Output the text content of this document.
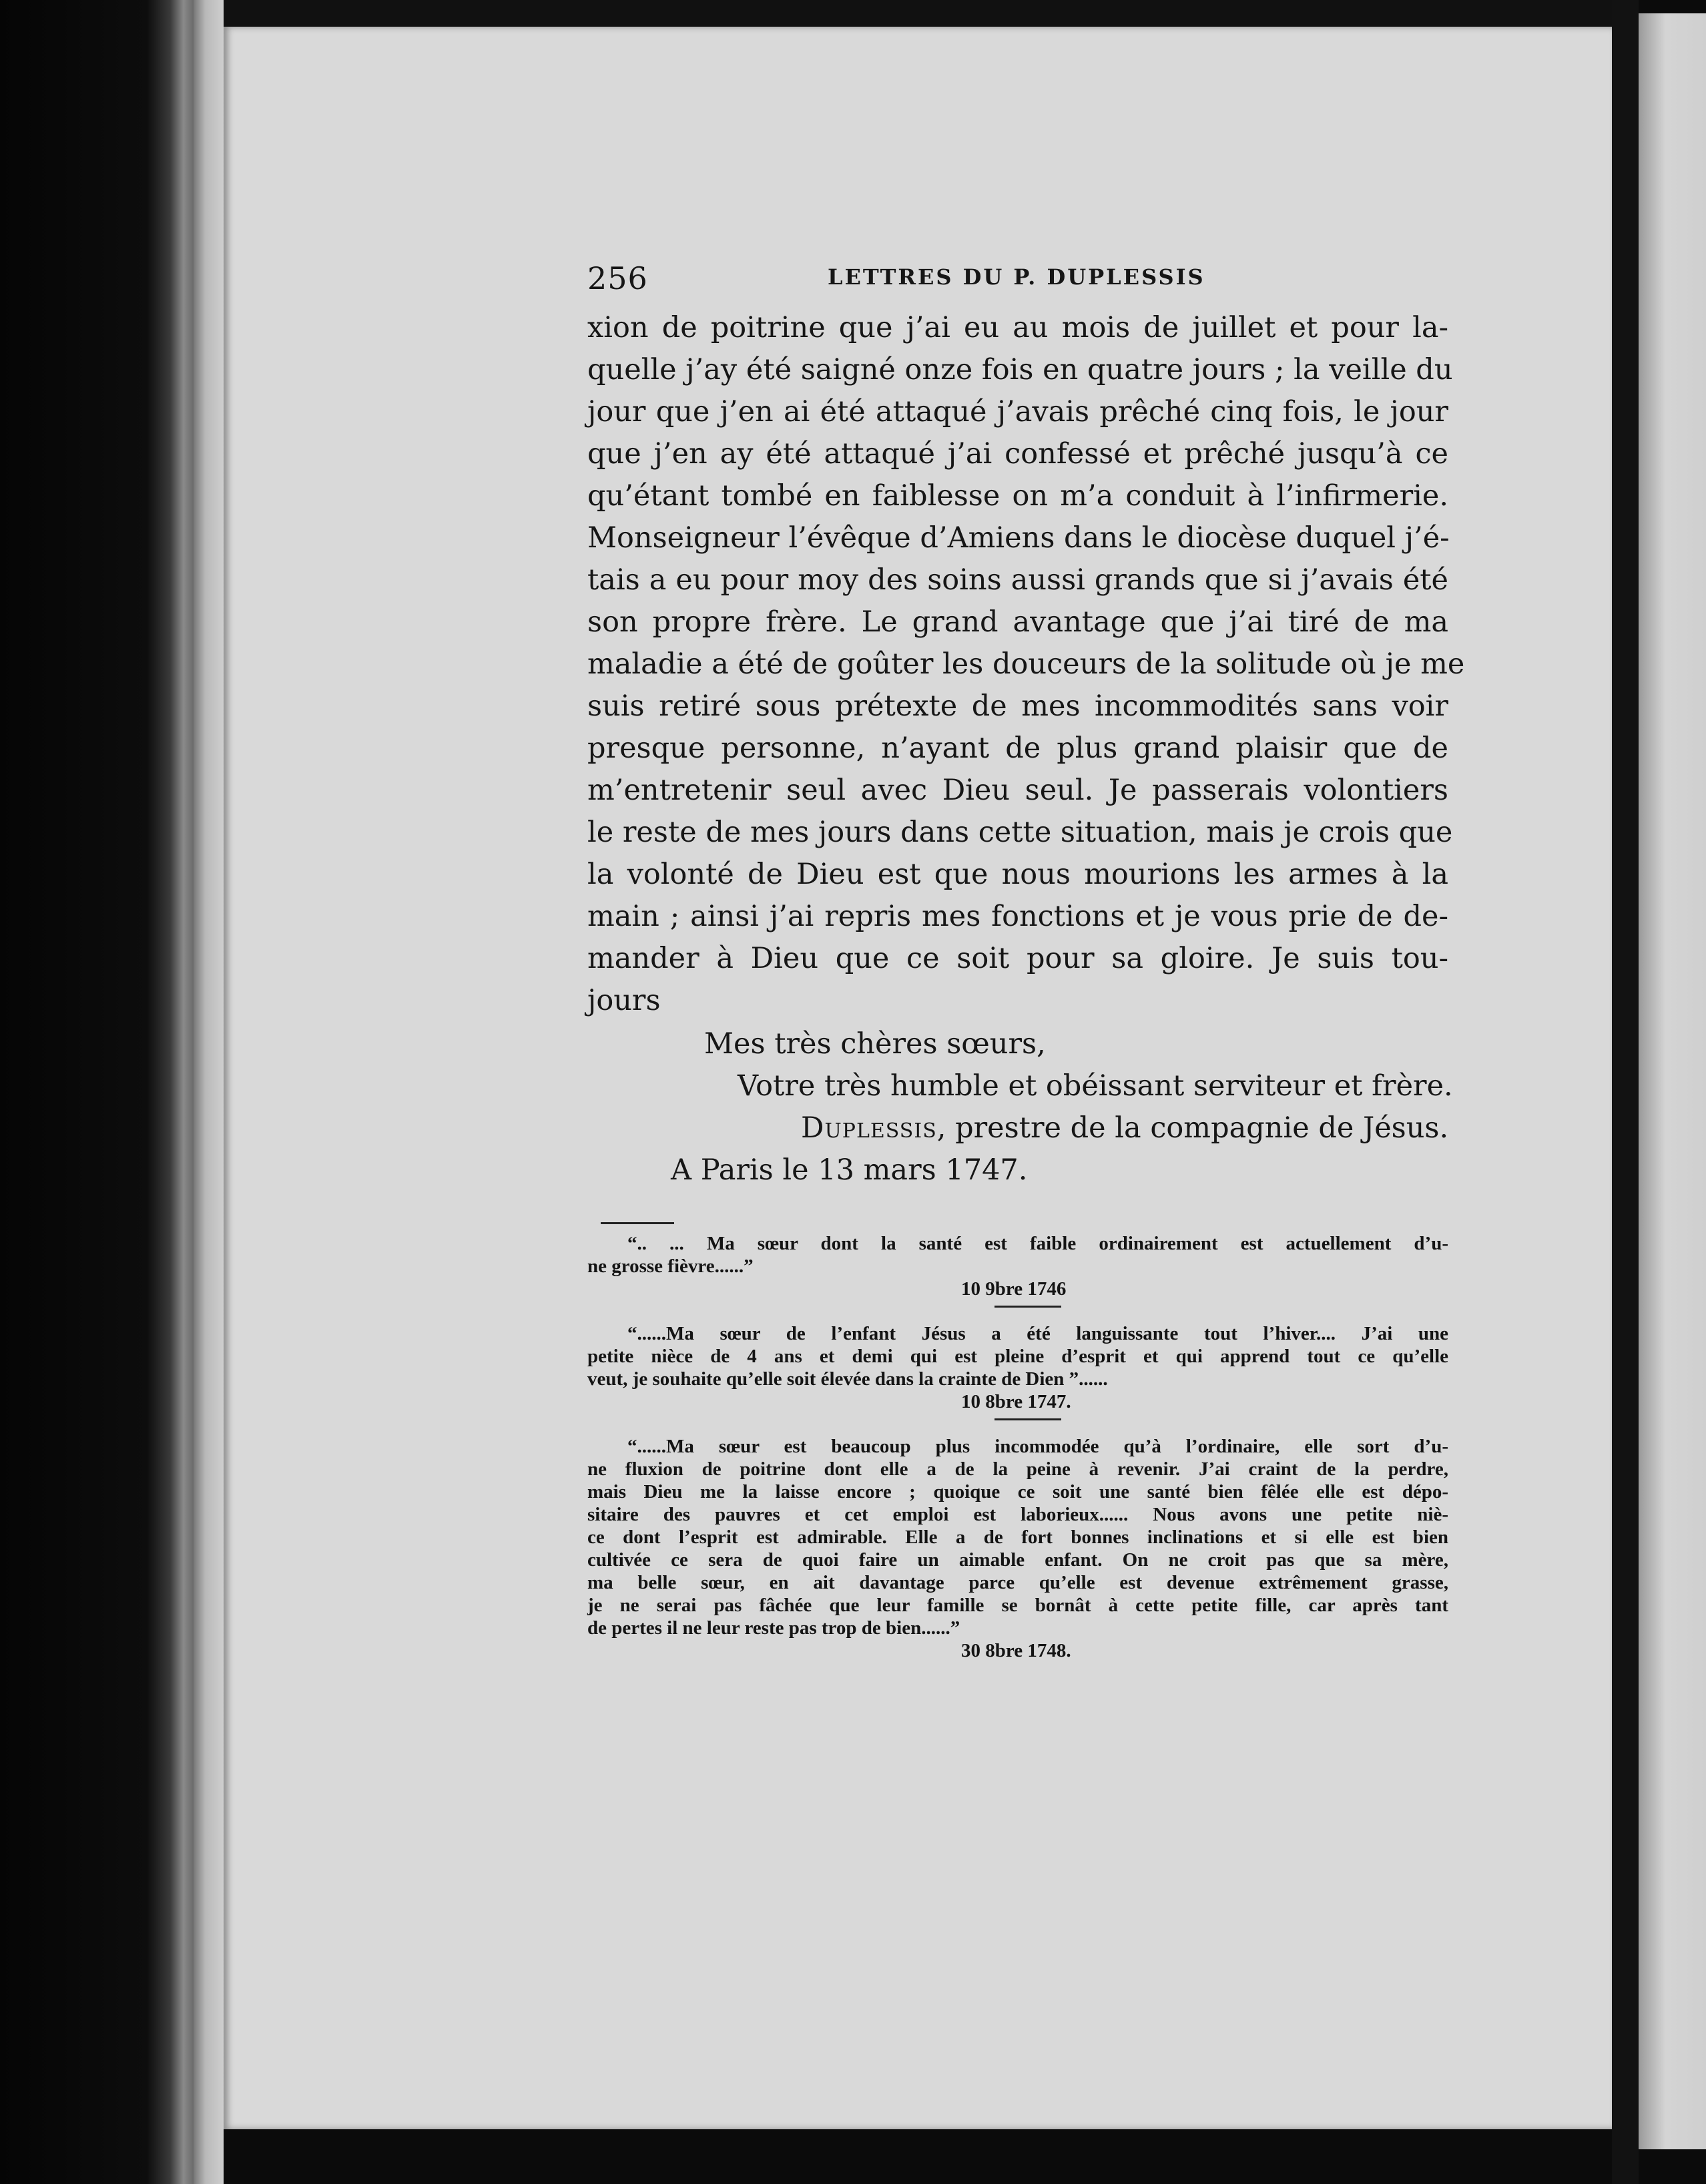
256	LETTRES DU P. DUPLESSIS

xion de poitrine que j’ai eu au mois de juillet et pour la-

quelle j’ay été saigné onze fois en quatre jours ; la veille du

jour que j’en ai été attaqué j’avais prêché cinq fois, le jour

que j’en ay été attaqué j’ai confessé et prêché jusqu’à ce

qu’étant tombé en faiblesse on m’a conduit à l’infirmerie.

Monseigneur l’évêque d’Amiens dans le diocèse duquel j’é-

tais a eu pour moy des soins aussi grands que si j’avais été

son propre frère. Le grand avantage que j’ai tiré de ma

maladie a été de goûter les douceurs de la solitude où je me

suis retiré sous prétexte de mes incommodités sans voir

presque personne, n’ayant de plus grand plaisir que de

m’entretenir seul avec Dieu seul. Je passerais volontiers

le reste de mes jours dans cette situation, mais je crois que

la volonté de Dieu est que nous mourions les armes à la

main ; ainsi j’ai repris mes fonctions et je vous prie de de-

mander à Dieu que ce soit pour sa gloire. Je suis tou-

jours

Mes très chères sœurs,
Votre très humble et obéissant serviteur et frère.
Duplessis, prestre de la compagnie de Jésus.
A Paris le 13 mars 1747.
“.. ... Ma sœur dont la santé est faible ordinairement est actuellement d’u-
ne grosse fièvre......”
10 9bre 1746
“......Ma sœur de l’enfant Jésus a été languissante tout l’hiver.... J’ai une
petite nièce de 4 ans et demi qui est pleine d’esprit et qui apprend tout ce qu’elle
veut, je souhaite qu’elle soit élevée dans la crainte de Dien ”......
10 8bre 1747.
“......Ma sœur est beaucoup plus incommodée qu’à l’ordinaire, elle sort d’u-
ne fluxion de poitrine dont elle a de la peine à revenir. J’ai craint de la perdre,
mais Dieu me la laisse encore ; quoique ce soit une santé bien fêlée elle est dépo-
sitaire des pauvres et cet emploi est laborieux...... Nous avons une petite niè-
ce dont l’esprit est admirable. Elle a de fort bonnes inclinations et si elle est bien
cultivée ce sera de quoi faire un aimable enfant. On ne croit pas que sa mère,
ma belle sœur, en ait davantage parce qu’elle est devenue extrêmement grasse,
je ne serai pas fâchée que leur famille se bornât à cette petite fille, car après tant
de pertes il ne leur reste pas trop de bien......”
30 8bre 1748.
